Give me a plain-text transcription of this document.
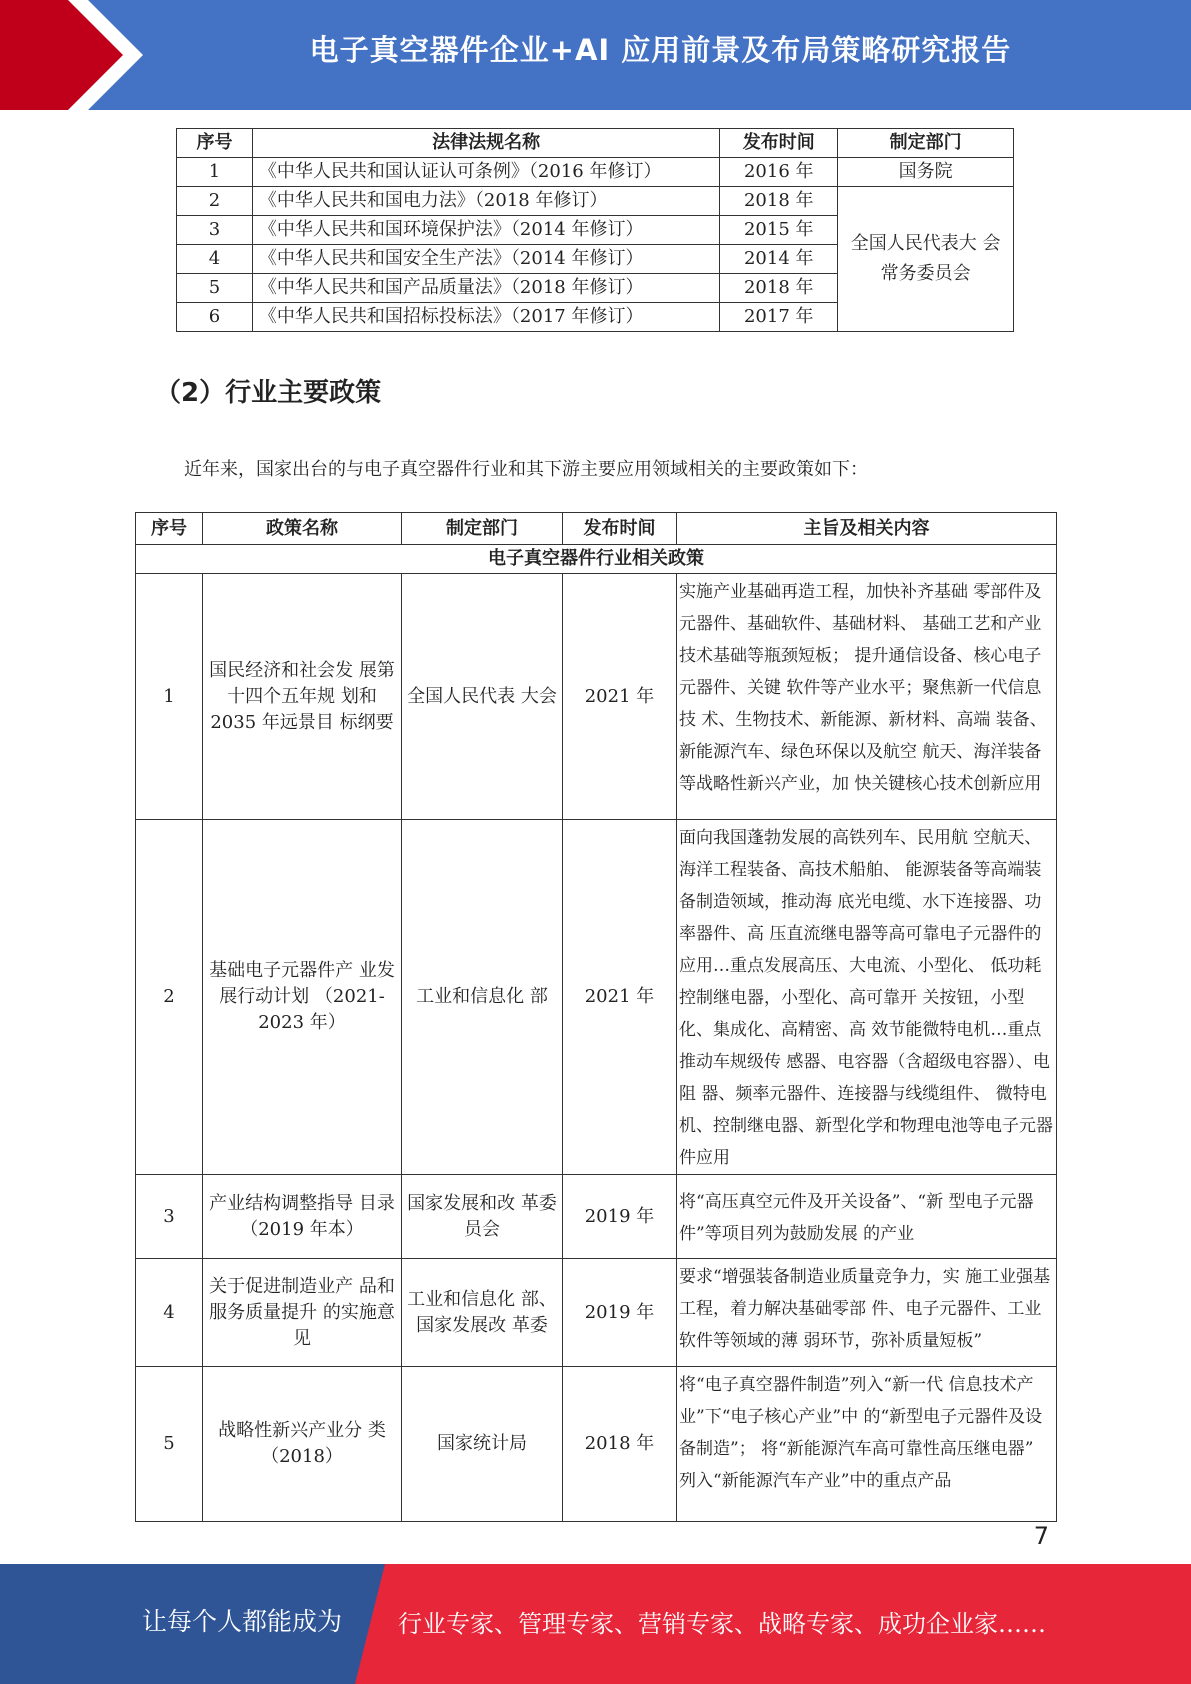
电子真空器件企业+AI 应用前景及布局策略研究报告
序号	法律法规名称	发布时间	制定部门
1	《中华人民共和国认证认可条例》（2016 年修订）	2016 年	国务院
2	《中华人民共和国电力法》（2018 年修订）	2018 年	全国人民代表大 会常务委员会
3	《中华人民共和国环境保护法》（2014 年修订）	2015 年	
4	《中华人民共和国安全生产法》（2014 年修订）	2014 年	
5	《中华人民共和国产品质量法》（2018 年修订）	2018 年	
6	《中华人民共和国招标投标法》（2017 年修订）	2017 年	
（2）行业主要政策
近年来，国家出台的与电子真空器件行业和其下游主要应用领域相关的主要政策如下：
序号	政策名称	制定部门	发布时间	主旨及相关内容
电子真空器件行业相关政策				
1	国民经济和社会发 展第十四个五年规 划和 2035 年远景目 标纲要	全国人民代表 大会	2021 年	实施产业基础再造工程，加快补齐基础 零部件及元器件、基础软件、基础材料、 基础工艺和产业技术基础等瓶颈短板； 提升通信设备、核心电子元器件、关键 软件等产业水平；聚焦新一代信息技 术、生物技术、新能源、新材料、高端 装备、新能源汽车、绿色环保以及航空 航天、海洋装备等战略性新兴产业，加 快关键核心技术创新应用
2	基础电子元器件产 业发展行动计划 （2021-2023 年）	工业和信息化 部	2021 年	面向我国蓬勃发展的高铁列车、民用航 空航天、海洋工程装备、高技术船舶、 能源装备等高端装备制造领域，推动海 底光电缆、水下连接器、功率器件、高 压直流继电器等高可靠电子元器件的 应用…重点发展高压、大电流、小型化、 低功耗控制继电器，小型化、高可靠开 关按钮，小型化、集成化、高精密、高 效节能微特电机…重点推动车规级传 感器、电容器（含超级电容器）、电阻 器、频率元器件、连接器与线缆组件、 微特电机、控制继电器、新型化学和物理电池等电子元器件应用
3	产业结构调整指导 目录 （2019 年本）	国家发展和改 革委员会	2019 年	将“高压真空元件及开关设备”、“新 型电子元器件”等项目列为鼓励发展 的产业
4	关于促进制造业产 品和服务质量提升 的实施意见	工业和信息化 部、国家发展改 革委	2019 年	要求“增强装备制造业质量竞争力，实 施工业强基工程，着力解决基础零部 件、电子元器件、工业软件等领域的薄 弱环节，弥补质量短板”
5	战略性新兴产业分 类（2018）	国家统计局	2018 年	将“电子真空器件制造”列入“新一代 信息技术产业”下“电子核心产业”中 的“新型电子元器件及设备制造”； 将“新能源汽车高可靠性高压继电器” 列入“新能源汽车产业”中的重点产品
7
让每个人都能成为 行业专家、管理专家、营销专家、战略专家、成功企业家……
